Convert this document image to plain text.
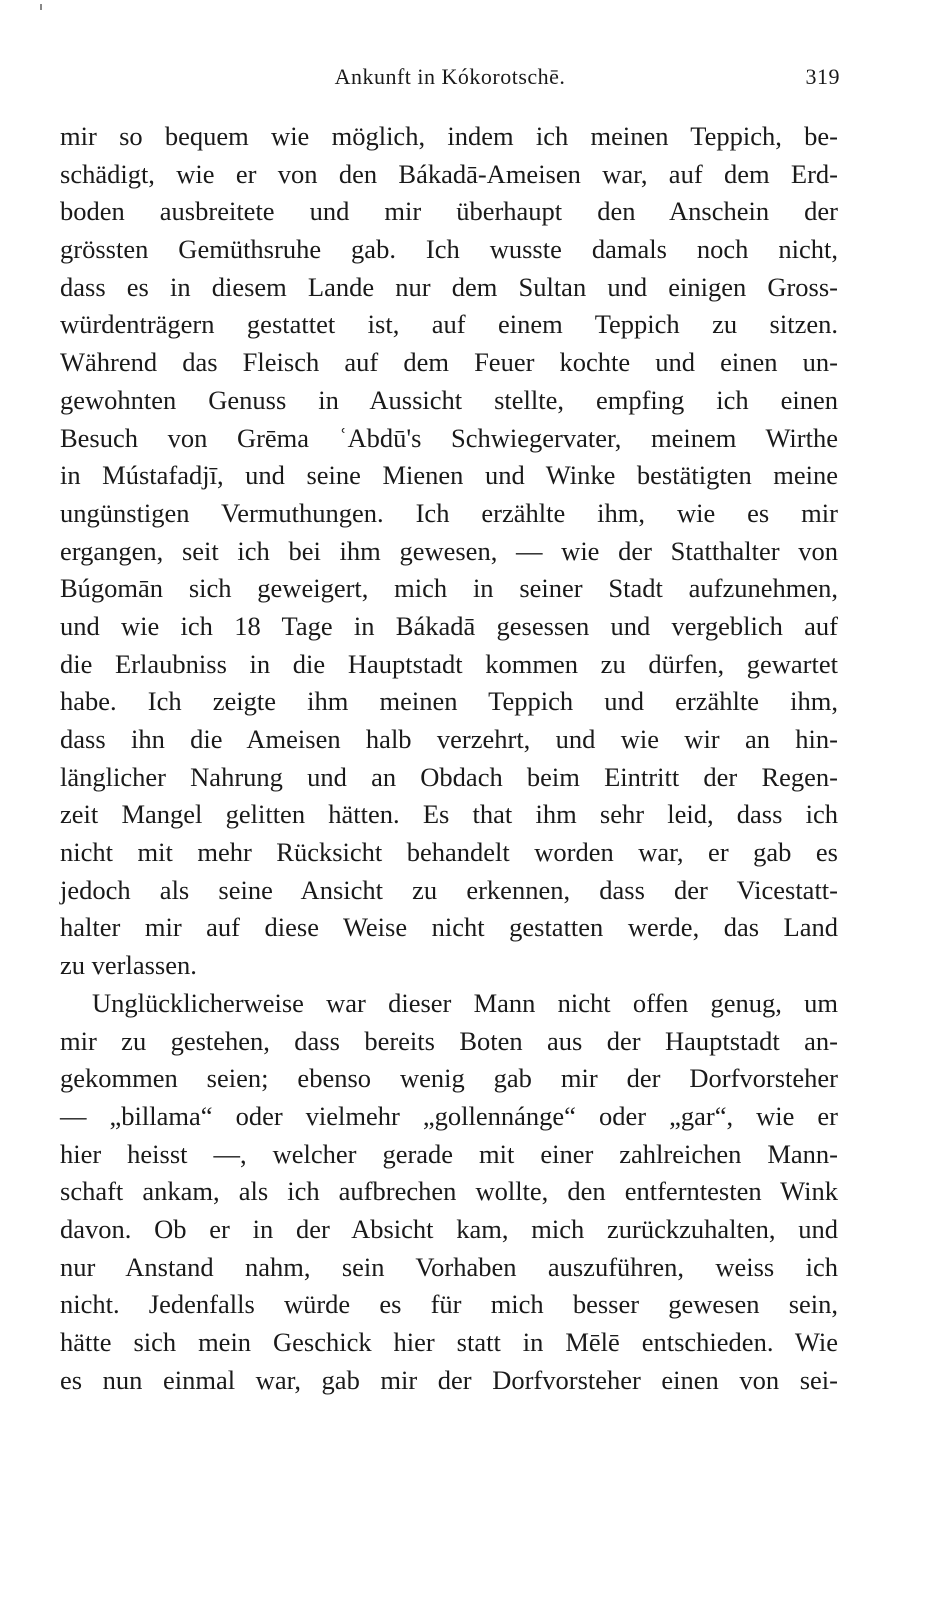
Ankunft in Kókorotschē.	319
mir so bequem wie möglich, indem ich meinen Teppich, be-
schädigt, wie er von den Bákadā-Ameisen war, auf dem Erd-
boden ausbreitete und mir überhaupt den Anschein der
grössten Gemüthsruhe gab. Ich wusste damals noch nicht,
dass es in diesem Lande nur dem Sultan und einigen Gross-
würdenträgern gestattet ist, auf einem Teppich zu sitzen.
Während das Fleisch auf dem Feuer kochte und einen un-
gewohnten Genuss in Aussicht stellte, empfing ich einen
Besuch von Grēma ʿAbdū's Schwiegervater, meinem Wirthe
in Mústafadjī, und seine Mienen und Winke bestätigten meine
ungünstigen Vermuthungen. Ich erzählte ihm, wie es mir
ergangen, seit ich bei ihm gewesen, — wie der Statthalter von
Búgomān sich geweigert, mich in seiner Stadt aufzunehmen,
und wie ich 18 Tage in Bákadā gesessen und vergeblich auf
die Erlaubniss in die Hauptstadt kommen zu dürfen, gewartet
habe. Ich zeigte ihm meinen Teppich und erzählte ihm,
dass ihn die Ameisen halb verzehrt, und wie wir an hin-
länglicher Nahrung und an Obdach beim Eintritt der Regen-
zeit Mangel gelitten hätten. Es that ihm sehr leid, dass ich
nicht mit mehr Rücksicht behandelt worden war, er gab es
jedoch als seine Ansicht zu erkennen, dass der Vicestatt-
halter mir auf diese Weise nicht gestatten werde, das Land
zu verlassen.
Unglücklicherweise war dieser Mann nicht offen genug, um
mir zu gestehen, dass bereits Boten aus der Hauptstadt an-
gekommen seien; ebenso wenig gab mir der Dorfvorsteher
— „billama“ oder vielmehr „gollennánge“ oder „gar“, wie er
hier heisst —, welcher gerade mit einer zahlreichen Mann-
schaft ankam, als ich aufbrechen wollte, den entferntesten Wink
davon. Ob er in der Absicht kam, mich zurückzuhalten, und
nur Anstand nahm, sein Vorhaben auszuführen, weiss ich
nicht. Jedenfalls würde es für mich besser gewesen sein,
hätte sich mein Geschick hier statt in Mēlē entschieden. Wie
es nun einmal war, gab mir der Dorfvorsteher einen von sei-
